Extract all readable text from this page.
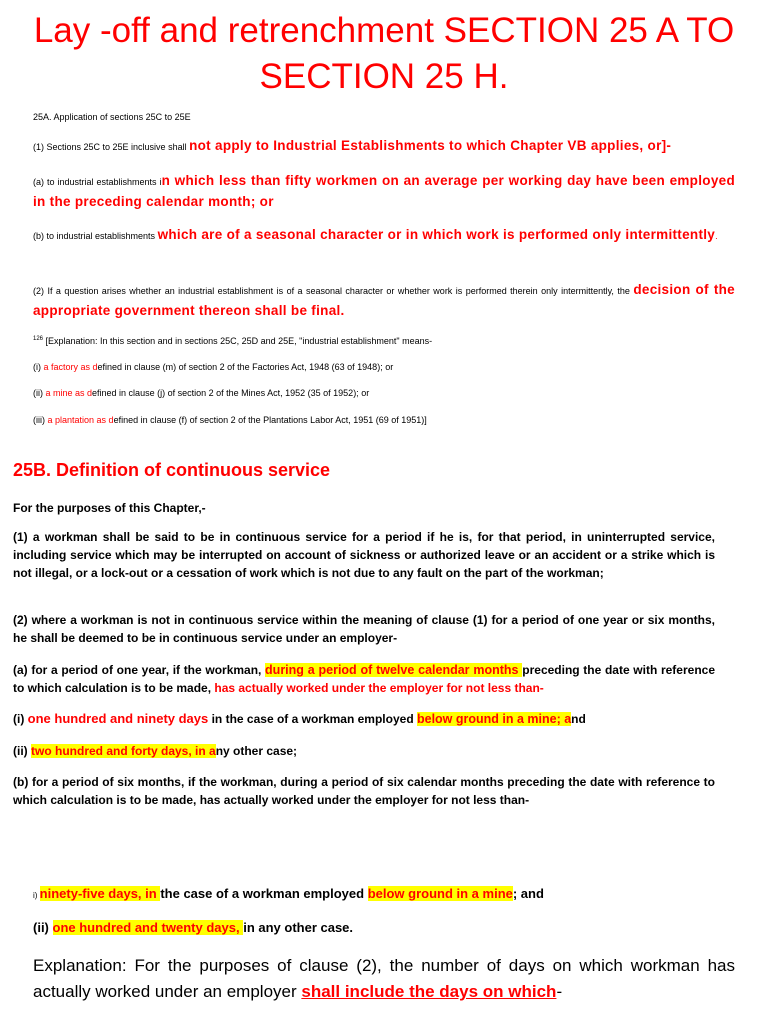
Lay -off and retrenchment SECTION 25 A TO SECTION 25 H.
25A. Application of sections 25C to 25E
(1) Sections 25C to 25E inclusive shall not apply to Industrial Establishments to which Chapter VB applies, or]-
(a) to industrial establishments in which less than fifty workmen on an average per working day have been employed in the preceding calendar month; or
(b) to industrial establishments which are of a seasonal character or in which work is performed only intermittently.
(2) If a question arises whether an industrial establishment is of a seasonal character or whether work is performed therein only intermittently, the decision of the appropriate government thereon shall be final.
$^{126}$ [Explanation: In this section and in sections 25C, 25D and 25E, "industrial establishment" means-
(i) a factory as defined in clause (m) of section 2 of the Factories Act, 1948 (63 of 1948); or
(ii) a mine as defined in clause (j) of section 2 of the Mines Act, 1952 (35 of 1952); or
(iii) a plantation as defined in clause (f) of section 2 of the Plantations Labor Act, 1951 (69 of 1951)]
25B. Definition of continuous service
For the purposes of this Chapter,-
(1) a workman shall be said to be in continuous service for a period if he is, for that period, in uninterrupted service, including service which may be interrupted on account of sickness or authorized leave or an accident or a strike which is not illegal, or a lock-out or a cessation of work which is not due to any fault on the part of the workman;
(2) where a workman is not in continuous service within the meaning of clause (1) for a period of one year or six months, he shall be deemed to be in continuous service under an employer-
(a) for a period of one year, if the workman, during a period of twelve calendar months preceding the date with reference to which calculation is to be made, has actually worked under the employer for not less than-
(i) one hundred and ninety days in the case of a workman employed below ground in a mine; and
(ii) two hundred and forty days, in any other case;
(b) for a period of six months, if the workman, during a period of six calendar months preceding the date with reference to which calculation is to be made, has actually worked under the employer for not less than-
i) ninety-five days, in the case of a workman employed below ground in a mine; and
(ii) one hundred and twenty days, in any other case.
Explanation: For the purposes of clause (2), the number of days on which workman has actually worked under an employer shall include the days on which-
